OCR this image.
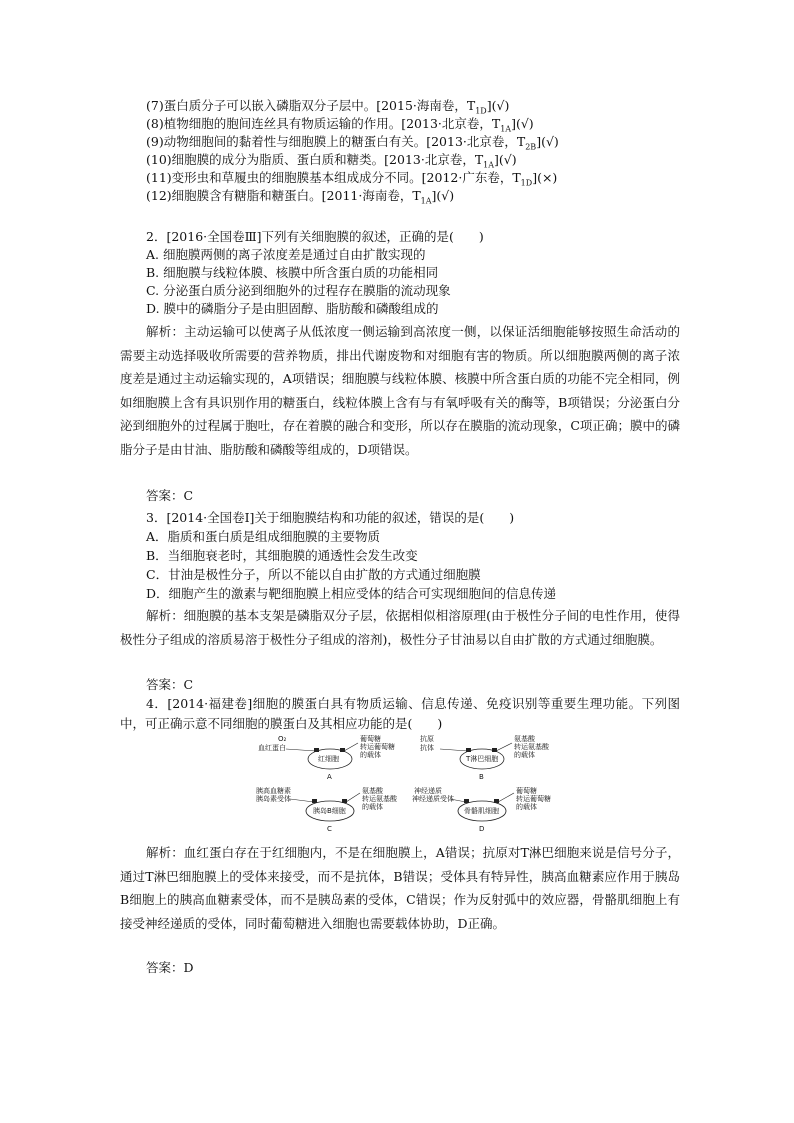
(7)蛋白质分子可以嵌入磷脂双分子层中。[2015·海南卷，$T_{1D}](√)$
(8)植物细胞的胞间连丝具有物质运输的作用。[2013·北京卷，$T_{1A}](√)$
(9)动物细胞间的黏着性与细胞膜上的糖蛋白有关。[2013·北京卷，$T_{2B}](√)$
(10)细胞膜的成分为脂质、蛋白质和糖类。[2013·北京卷，$T_{1A}](√)$
(11)变形虫和草履虫的细胞膜基本组成成分不同。[2012·广东卷，$T_{1D}](\times)$
(12)细胞膜含有糖脂和糖蛋白。[2011·海南卷，$T_{1A}](√)$
2．[2016·全国卷Ⅲ]下列有关细胞膜的叙述，正确的是(　　)
A. 细胞膜两侧的离子浓度差是通过自由扩散实现的
B. 细胞膜与线粒体膜、核膜中所含蛋白质的功能相同
C. 分泌蛋白质分泌到细胞外的过程存在膜脂的流动现象
D. 膜中的磷脂分子是由胆固醇、脂肪酸和磷酸组成的
解析：主动运输可以使离子从低浓度一侧运输到高浓度一侧，以保证活细胞能够按照生命活动的需要主动选择吸收所需要的营养物质，排出代谢废物和对细胞有害的物质。所以细胞膜两侧的离子浓度差是通过主动运输实现的，A项错误；细胞膜与线粒体膜、核膜中所含蛋白质的功能不完全相同，例如细胞膜上含有具识别作用的糖蛋白，线粒体膜上含有与有氧呼吸有关的酶等，B项错误；分泌蛋白分泌到细胞外的过程属于胞吐，存在着膜的融合和变形，所以存在膜脂的流动现象，C项正确；膜中的磷脂分子是由甘油、脂肪酸和磷酸等组成的，D项错误。
答案：C
3．[2014·全国卷Ⅰ]关于细胞膜结构和功能的叙述，错误的是(　　)
A．脂质和蛋白质是组成细胞膜的主要物质
B．当细胞衰老时，其细胞膜的通透性会发生改变
C．甘油是极性分子，所以不能以自由扩散的方式通过细胞膜
D．细胞产生的激素与靶细胞膜上相应受体的结合可实现细胞间的信息传递
解析：细胞膜的基本支架是磷脂双分子层，依据相似相溶原理(由于极性分子间的电性作用，使得极性分子组成的溶质易溶于极性分子组成的溶剂)，极性分子甘油易以自由扩散的方式通过细胞膜。
答案：C
4．[2014·福建卷]细胞的膜蛋白具有物质运输、信息传递、免疫识别等重要生理功能。下列图中，可正确示意不同细胞的膜蛋白及其相应功能的是(　　)
O₂
血红蛋白
葡萄糖
转运葡萄糖
的载体
红细胞
A
抗原
抗体
氨基酸
转运氨基酸
的载体
T淋巴细胞
B
胰高血糖素
胰岛素受体
氨基酸
转运氨基酸
的载体
胰岛B细胞
C
神经递质
神经递质受体
葡萄糖
转运葡萄糖
的载体
骨骼肌细胞
D
解析：血红蛋白存在于红细胞内，不是在细胞膜上，A错误；抗原对T淋巴细胞来说是信号分子，通过T淋巴细胞膜上的受体来接受，而不是抗体，B错误；受体具有特异性，胰高血糖素应作用于胰岛B细胞上的胰高血糖素受体，而不是胰岛素的受体，C错误；作为反射弧中的效应器，骨骼肌细胞上有接受神经递质的受体，同时葡萄糖进入细胞也需要载体协助，D正确。
答案：D
